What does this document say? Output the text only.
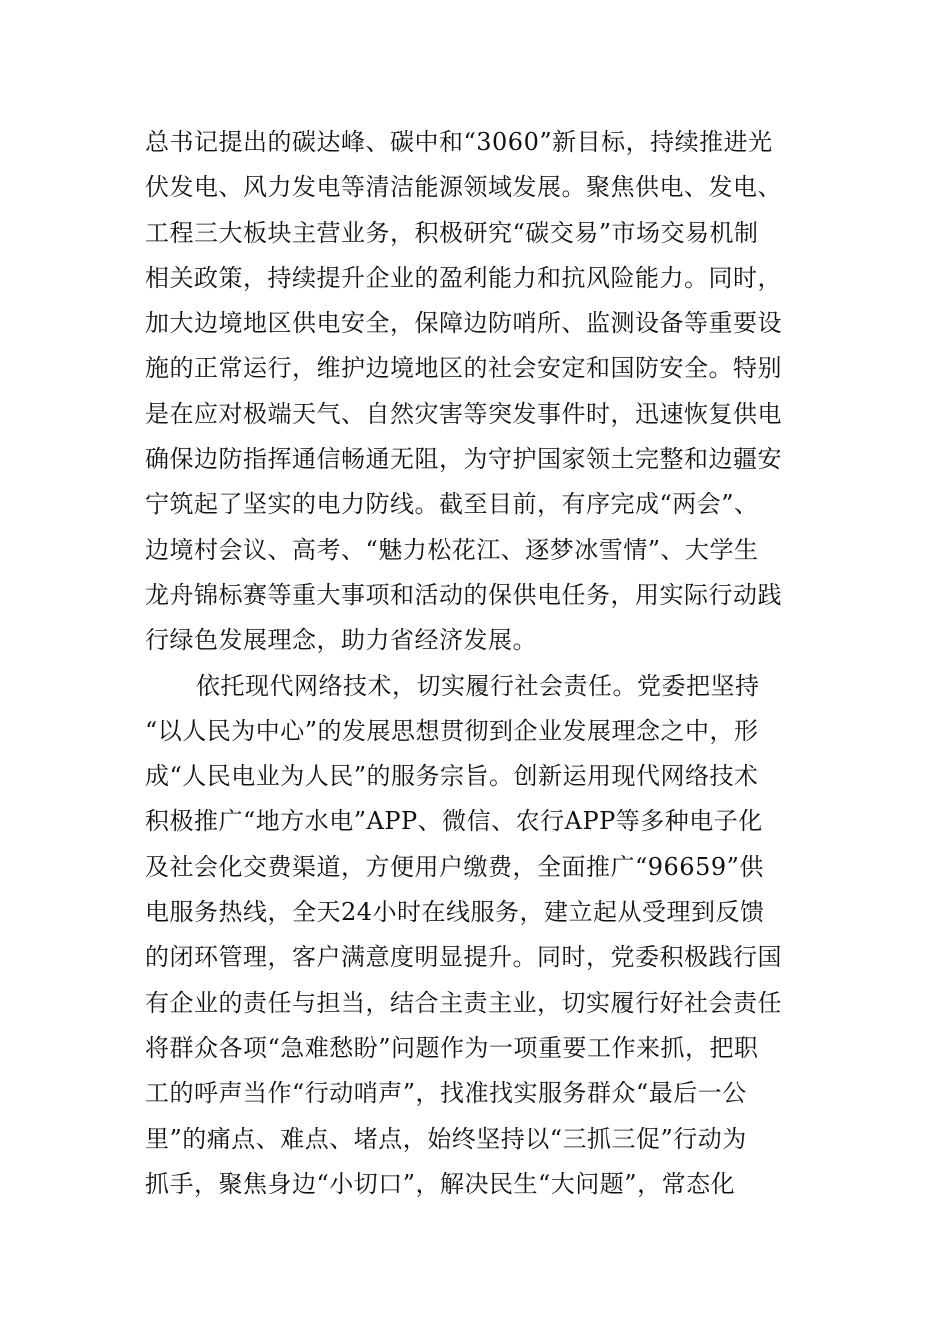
总书记提出的碳达峰、碳中和“3060”新目标，持续推进光
伏发电、风力发电等清洁能源领域发展。聚焦供电、发电、
工程三大板块主营业务，积极研究“碳交易”市场交易机制
相关政策，持续提升企业的盈利能力和抗风险能力。同时，
加大边境地区供电安全，保障边防哨所、监测设备等重要设
施的正常运行，维护边境地区的社会安定和国防安全。特别
是在应对极端天气、自然灾害等突发事件时，迅速恢复供电
确保边防指挥通信畅通无阻，为守护国家领土完整和边疆安
宁筑起了坚实的电力防线。截至目前，有序完成“两会”、
边境村会议、高考、“魅力松花江、逐梦冰雪情”、大学生
龙舟锦标赛等重大事项和活动的保供电任务，用实际行动践
行绿色发展理念，助力省经济发展。
依托现代网络技术，切实履行社会责任。党委把坚持
“以人民为中心”的发展思想贯彻到企业发展理念之中，形
成“人民电业为人民”的服务宗旨。创新运用现代网络技术
积极推广“地方水电”APP、微信、农行APP等多种电子化
及社会化交费渠道，方便用户缴费，全面推广“96659”供
电服务热线，全天24小时在线服务，建立起从受理到反馈
的闭环管理，客户满意度明显提升。同时，党委积极践行国
有企业的责任与担当，结合主责主业，切实履行好社会责任
将群众各项“急难愁盼”问题作为一项重要工作来抓，把职
工的呼声当作“行动哨声”，找准找实服务群众“最后一公
里”的痛点、难点、堵点，始终坚持以“三抓三促”行动为
抓手，聚焦身边“小切口”，解决民生“大问题”，常态化
